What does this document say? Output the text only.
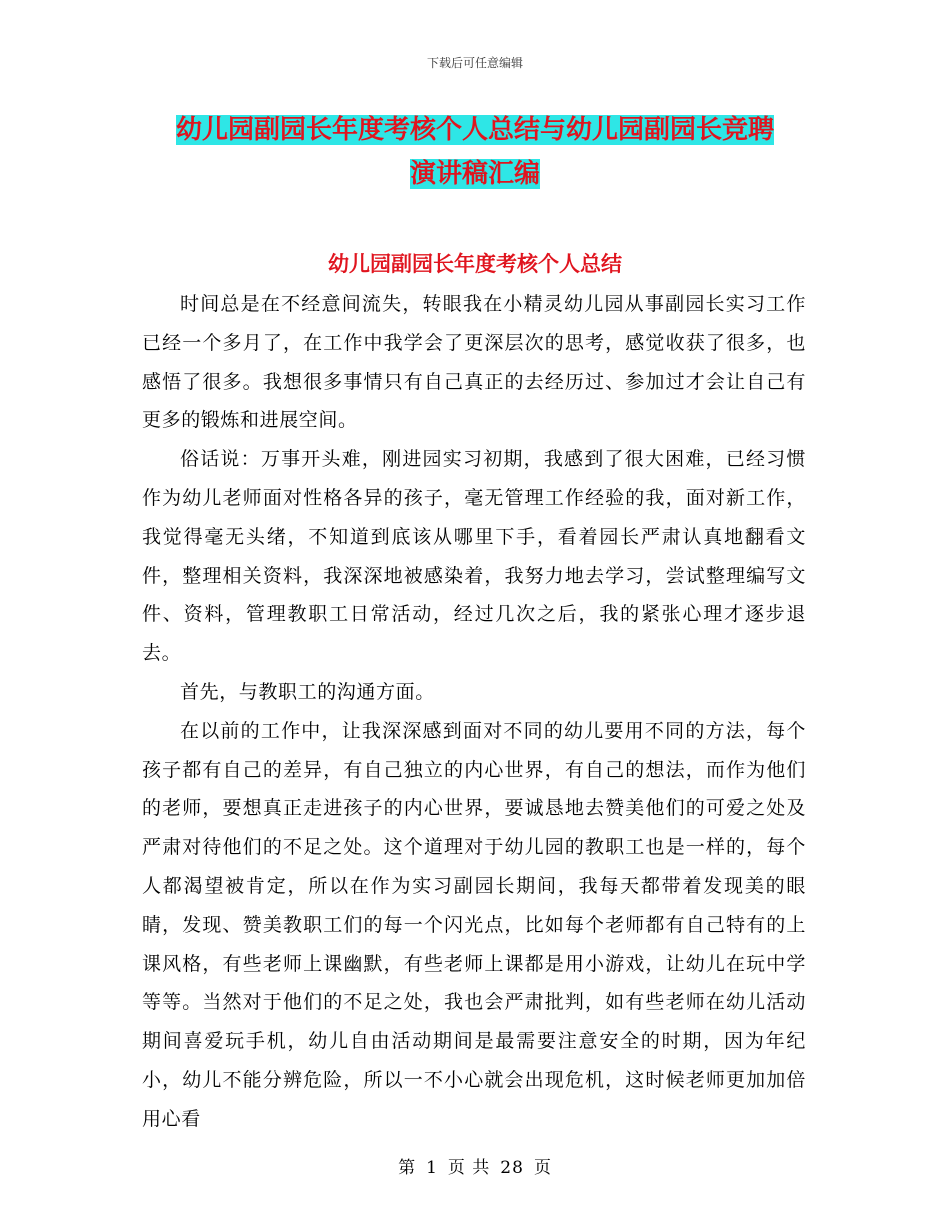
下载后可任意编辑
幼儿园副园长年度考核个人总结与幼儿园副园长竞聘
演讲稿汇编
幼儿园副园长年度考核个人总结

时间总是在不经意间流失，转眼我在小精灵幼儿园从事副园长实习工作已经一个多月了，在工作中我学会了更深层次的思考，感觉收获了很多，也感悟了很多。我想很多事情只有自己真正的去经历过、参加过才会让自己有更多的锻炼和进展空间。

俗话说：万事开头难，刚进园实习初期，我感到了很大困难，已经习惯作为幼儿老师面对性格各异的孩子，毫无管理工作经验的我，面对新工作，我觉得毫无头绪，不知道到底该从哪里下手，看着园长严肃认真地翻看文件，整理相关资料，我深深地被感染着，我努力地去学习，尝试整理编写文件、资料，管理教职工日常活动，经过几次之后，我的紧张心理才逐步退去。

首先，与教职工的沟通方面。

在以前的工作中，让我深深感到面对不同的幼儿要用不同的方法，每个孩子都有自己的差异，有自己独立的内心世界，有自己的想法，而作为他们的老师，要想真正走进孩子的内心世界，要诚恳地去赞美他们的可爱之处及严肃对待他们的不足之处。这个道理对于幼儿园的教职工也是一样的，每个人都渴望被肯定，所以在作为实习副园长期间，我每天都带着发现美的眼睛，发现、赞美教职工们的每一个闪光点，比如每个老师都有自己特有的上课风格，有些老师上课幽默，有些老师上课都是用小游戏，让幼儿在玩中学等等。当然对于他们的不足之处，我也会严肃批判，如有些老师在幼儿活动期间喜爱玩手机，幼儿自由活动期间是最需要注意安全的时期，因为年纪小，幼儿不能分辨危险，所以一不小心就会出现危机，这时候老师更加加倍用心看

第 1 页 共 28 页
